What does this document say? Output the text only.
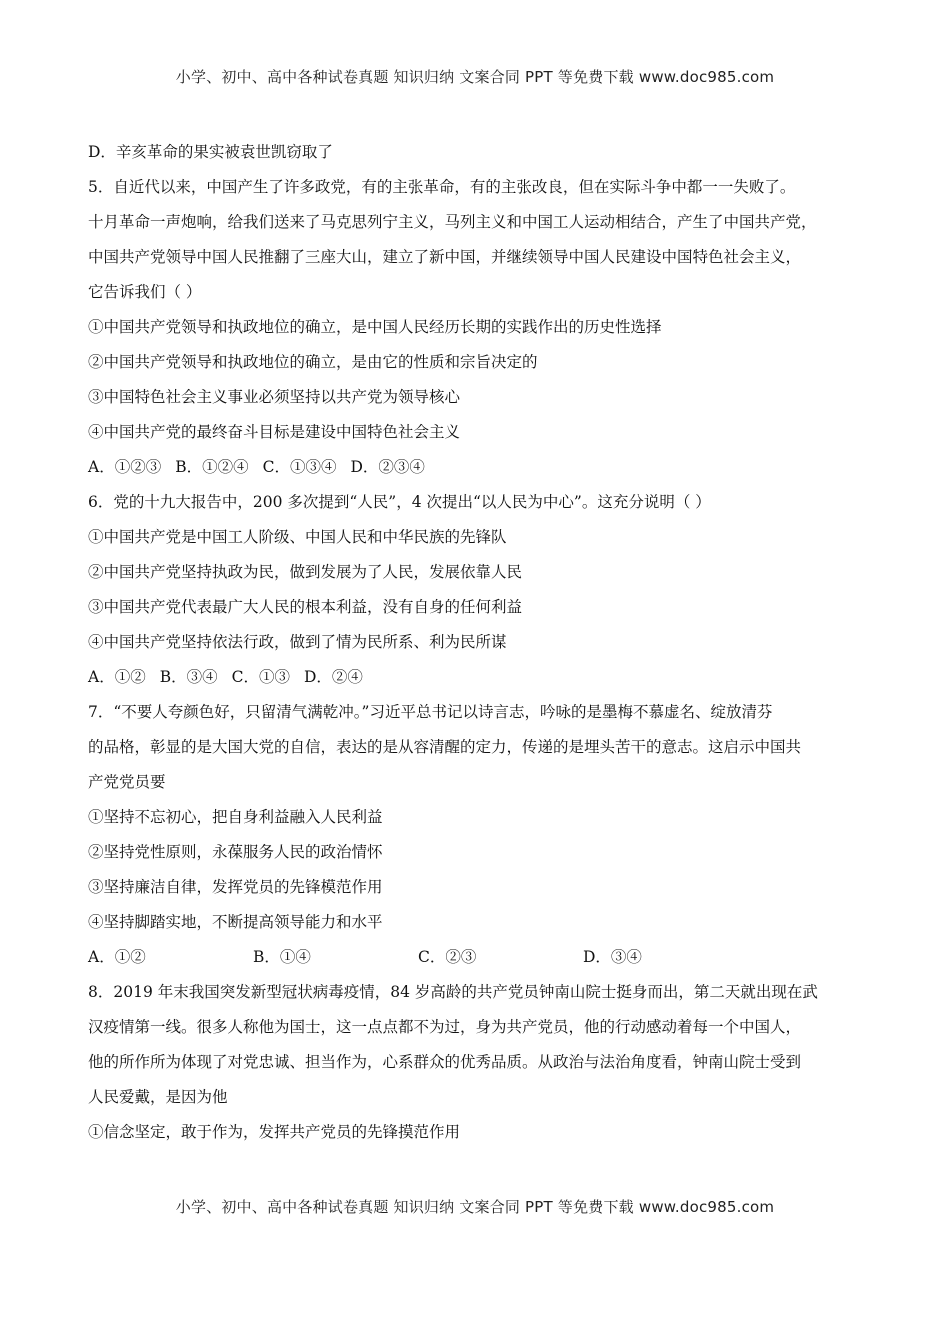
小学、初中、高中各种试卷真题 知识归纳 文案合同 PPT 等免费下载 www.doc985.com
D．辛亥革命的果实被袁世凯窃取了
5．自近代以来，中国产生了许多政党，有的主张革命，有的主张改良，但在实际斗争中都一一失败了。
十月革命一声炮响，给我们送来了马克思列宁主义，马列主义和中国工人运动相结合，产生了中国共产党，
中国共产党领导中国人民推翻了三座大山，建立了新中国，并继续领导中国人民建设中国特色社会主义，
它告诉我们（ ）
①中国共产党领导和执政地位的确立，是中国人民经历长期的实践作出的历史性选择
②中国共产党领导和执政地位的确立，是由它的性质和宗旨决定的
③中国特色社会主义事业必须坚持以共产党为领导核心
④中国共产党的最终奋斗目标是建设中国特色社会主义
A．①②③ B．①②④ C．①③④ D．②③④
6．党的十九大报告中，200 多次提到“人民”，4 次提出“以人民为中心”。这充分说明（ ）
①中国共产党是中国工人阶级、中国人民和中华民族的先锋队
②中国共产党坚持执政为民，做到发展为了人民，发展依靠人民
③中国共产党代表最广大人民的根本利益，没有自身的任何利益
④中国共产党坚持依法行政，做到了情为民所系、利为民所谋
A．①② B．③④ C．①③ D．②④
7．“不要人夸颜色好，只留清气满乾冲。”习近平总书记以诗言志，吟咏的是墨梅不慕虚名、绽放清芬
的品格，彰显的是大国大党的自信，表达的是从容清醒的定力，传递的是埋头苦干的意志。这启示中国共
产党党员要
①坚持不忘初心，把自身利益融入人民利益
②坚持党性原则，永葆服务人民的政治情怀
③坚持廉洁自律，发挥党员的先锋模范作用
④坚持脚踏实地，不断提高领导能力和水平
A．①②	B．①④	C．②③	D．③④
8．2019 年末我国突发新型冠状病毒疫情，84 岁高龄的共产党员钟南山院士挺身而出，第二天就出现在武
汉疫情第一线。很多人称他为国士，这一点点都不为过，身为共产党员，他的行动感动着每一个中国人，
他的所作所为体现了对党忠诚、担当作为，心系群众的优秀品质。从政治与法治角度看，钟南山院士受到
人民爱戴，是因为他
①信念坚定，敢于作为，发挥共产党员的先锋摸范作用
小学、初中、高中各种试卷真题 知识归纳 文案合同 PPT 等免费下载 www.doc985.com
